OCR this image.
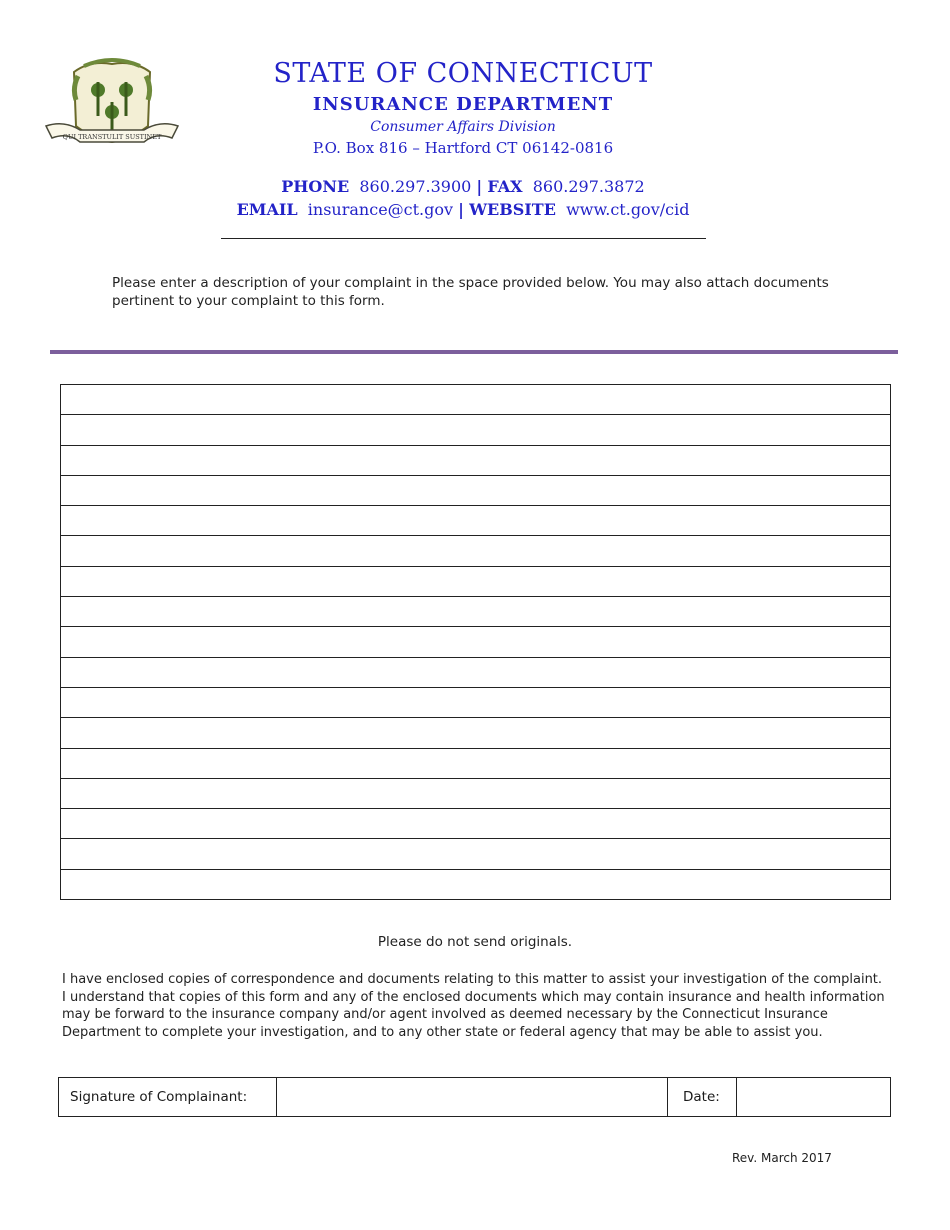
QUI TRANSTULIT SUSTINET
STATE OF CONNECTICUT
INSURANCE DEPARTMENT
Consumer Affairs Division
P.O. Box 816 – Hartford CT 06142-0816
PHONE 860.297.3900 | FAX 860.297.3872
EMAIL insurance@ct.gov | WEBSITE www.ct.gov/cid
Please enter a description of your complaint in the space provided below. You may also attach documents pertinent to your complaint to this form.
Please do not send originals.
I have enclosed copies of correspondence and documents relating to this matter to assist your investigation of the complaint. I understand that copies of this form and any of the enclosed documents which may contain insurance and health information may be forward to the insurance company and/or agent involved as deemed necessary by the Connecticut Insurance Department to complete your investigation, and to any other state or federal agency that may be able to assist you.
Signature of Complainant:	Date:
Rev. March 2017
